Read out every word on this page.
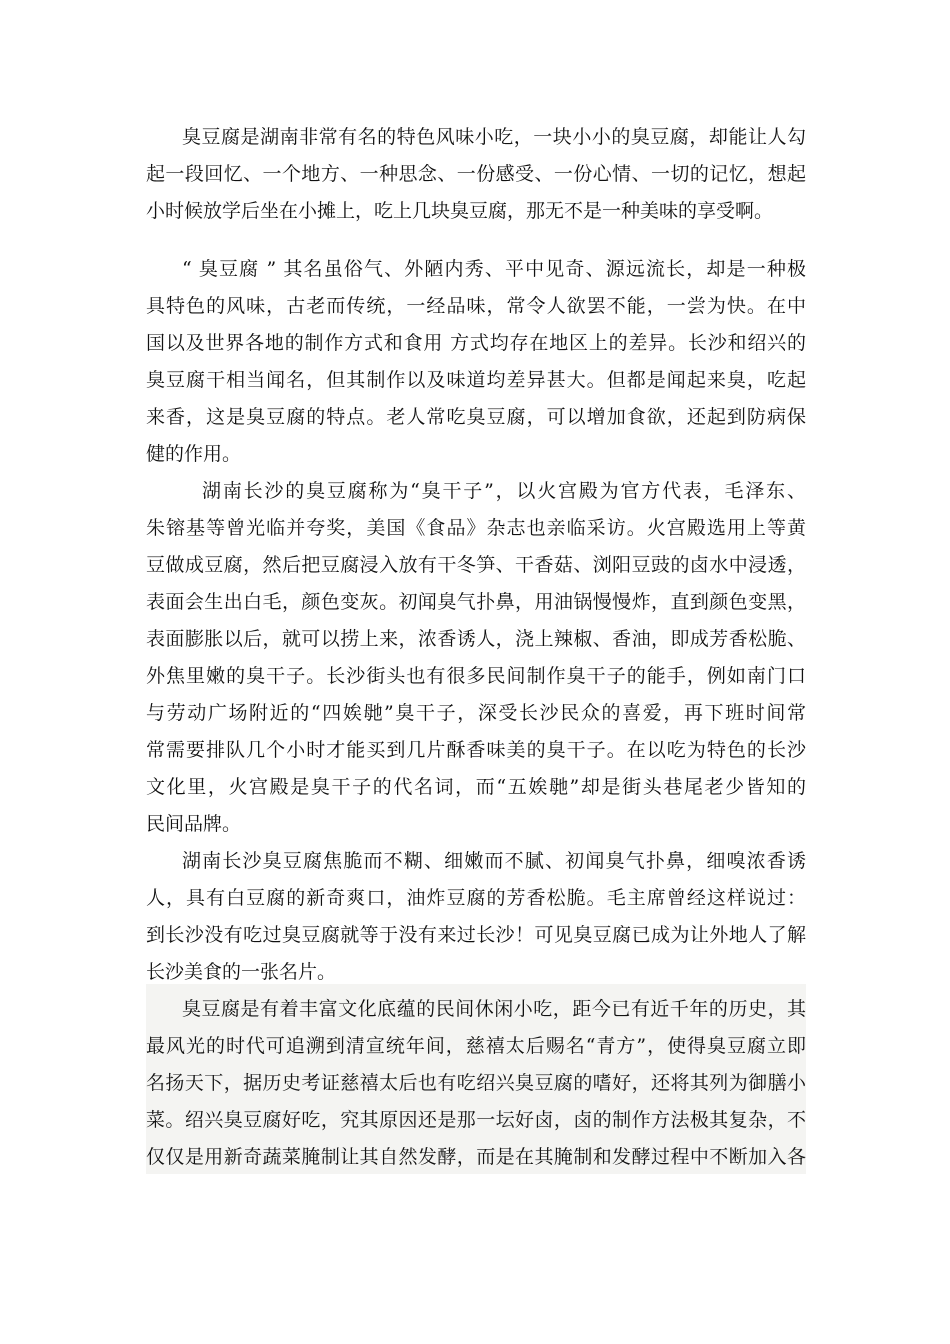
臭豆腐是湖南非常有名的特色风味小吃，一块小小的臭豆腐，却能让人勾
起一段回忆、一个地方、一种思念、一份感受、一份心情、一切的记忆，想起
小时候放学后坐在小摊上，吃上几块臭豆腐，那无不是一种美味的享受啊。
“ 臭豆腐 ” 其名虽俗气、外陋内秀、平中见奇、源远流长，却是一种极
具特色的风味，古老而传统，一经品味，常令人欲罢不能，一尝为快。在中
国以及世界各地的制作方式和食用 方式均存在地区上的差异。长沙和绍兴的
臭豆腐干相当闻名，但其制作以及味道均差异甚大。但都是闻起来臭，吃起
来香，这是臭豆腐的特点。老人常吃臭豆腐，可以增加食欲，还起到防病保
健的作用。
湖南长沙的臭豆腐称为“臭干子”，以火宫殿为官方代表，毛泽东、
朱镕基等曾光临并夸奖，美国《食品》杂志也亲临采访。火宫殿选用上等黄
豆做成豆腐，然后把豆腐浸入放有干冬笋、干香菇、浏阳豆豉的卤水中浸透，
表面会生出白毛，颜色变灰。初闻臭气扑鼻，用油锅慢慢炸，直到颜色变黑，
表面膨胀以后，就可以捞上来，浓香诱人，浇上辣椒、香油，即成芳香松脆、
外焦里嫩的臭干子。长沙街头也有很多民间制作臭干子的能手，例如南门口
与劳动广场附近的“四娭毑”臭干子，深受长沙民众的喜爱，再下班时间常
常需要排队几个小时才能买到几片酥香味美的臭干子。在以吃为特色的长沙
文化里，火宫殿是臭干子的代名词，而“五娭毑”却是街头巷尾老少皆知的
民间品牌。
湖南长沙臭豆腐焦脆而不糊、细嫩而不腻、初闻臭气扑鼻，细嗅浓香诱
人，具有白豆腐的新奇爽口，油炸豆腐的芳香松脆。毛主席曾经这样说过：
到长沙没有吃过臭豆腐就等于没有来过长沙！可见臭豆腐已成为让外地人了解
长沙美食的一张名片。
臭豆腐是有着丰富文化底蕴的民间休闲小吃，距今已有近千年的历史，其
最风光的时代可追溯到清宣统年间，慈禧太后赐名“青方”，使得臭豆腐立即
名扬天下，据历史考证慈禧太后也有吃绍兴臭豆腐的嗜好，还将其列为御膳小
菜。绍兴臭豆腐好吃，究其原因还是那一坛好卤，卤的制作方法极其复杂，不
仅仅是用新奇蔬菜腌制让其自然发酵，而是在其腌制和发酵过程中不断加入各
